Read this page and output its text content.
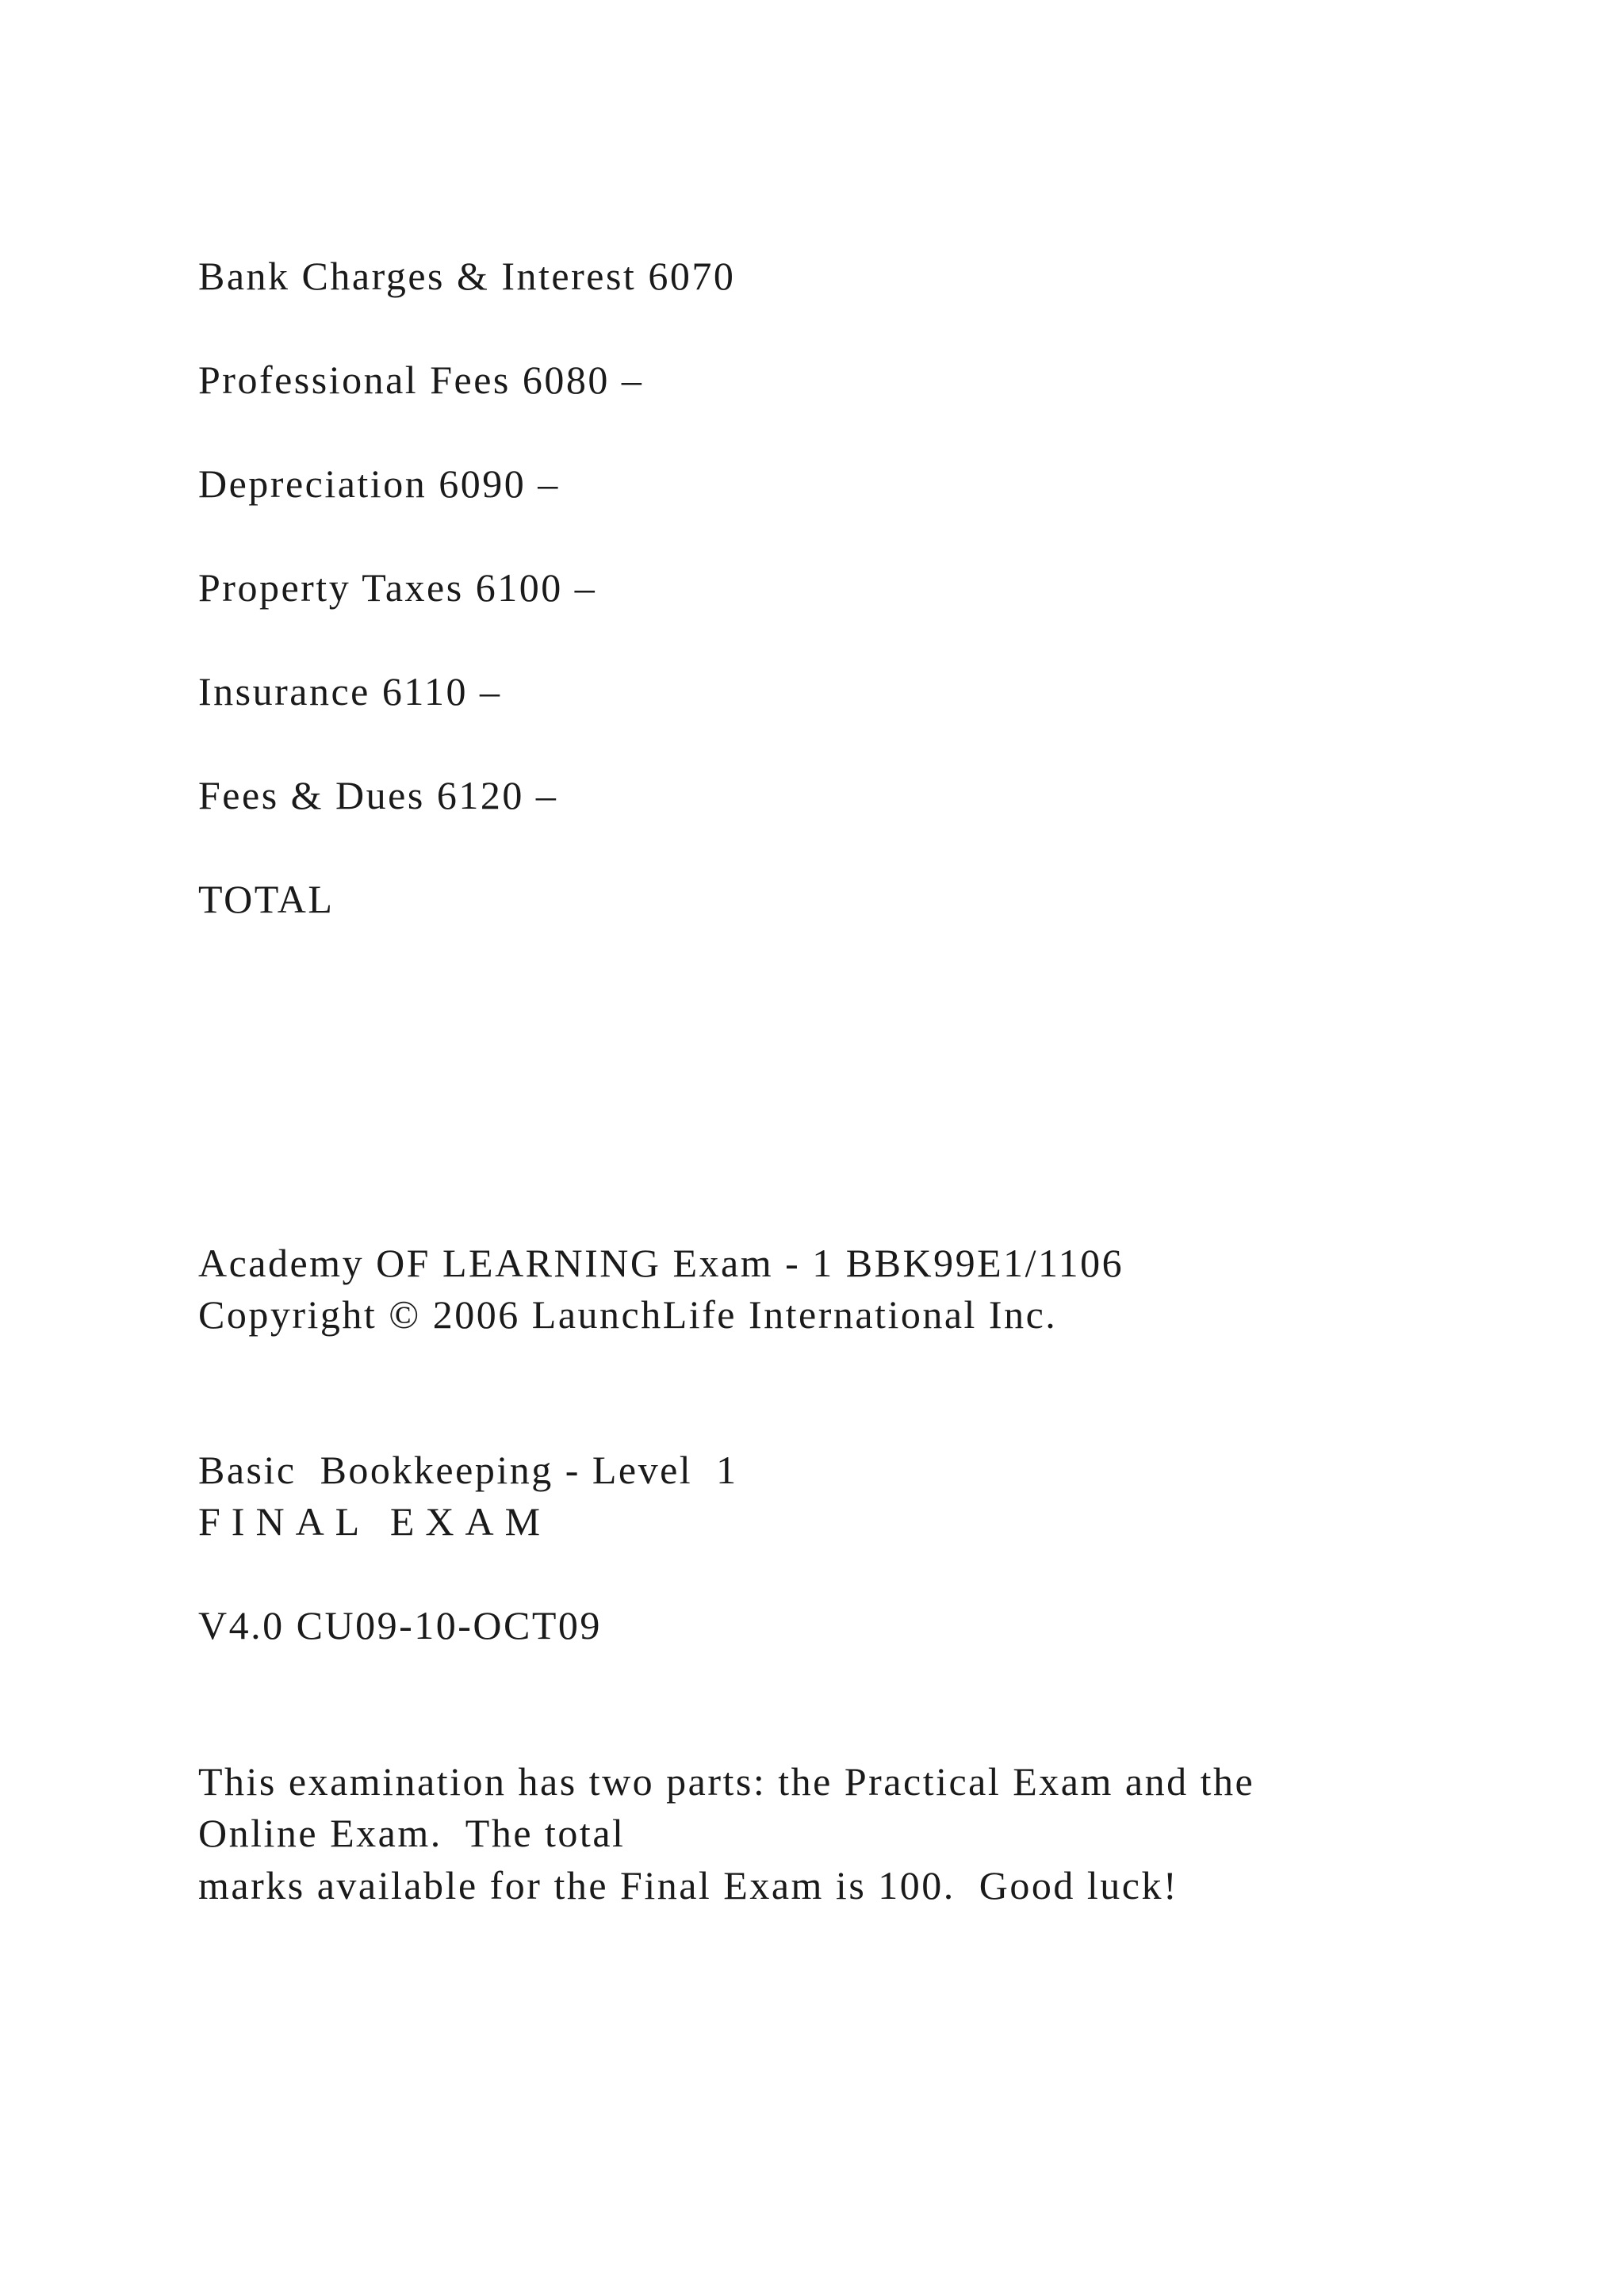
Bank Charges & Interest 6070
Professional Fees 6080 –
Depreciation 6090 –
Property Taxes 6100 –
Insurance 6110 –
Fees & Dues 6120 –
TOTAL
Academy OF LEARNING Exam - 1 BBK99E1/1106
Copyright © 2006 LaunchLife International Inc.
Basic  Bookkeeping - Level  1
FINAL EXAM
V4.0 CU09-10-OCT09
This examination has two parts: the Practical Exam and the
Online Exam.  The total
marks available for the Final Exam is 100.  Good luck!
